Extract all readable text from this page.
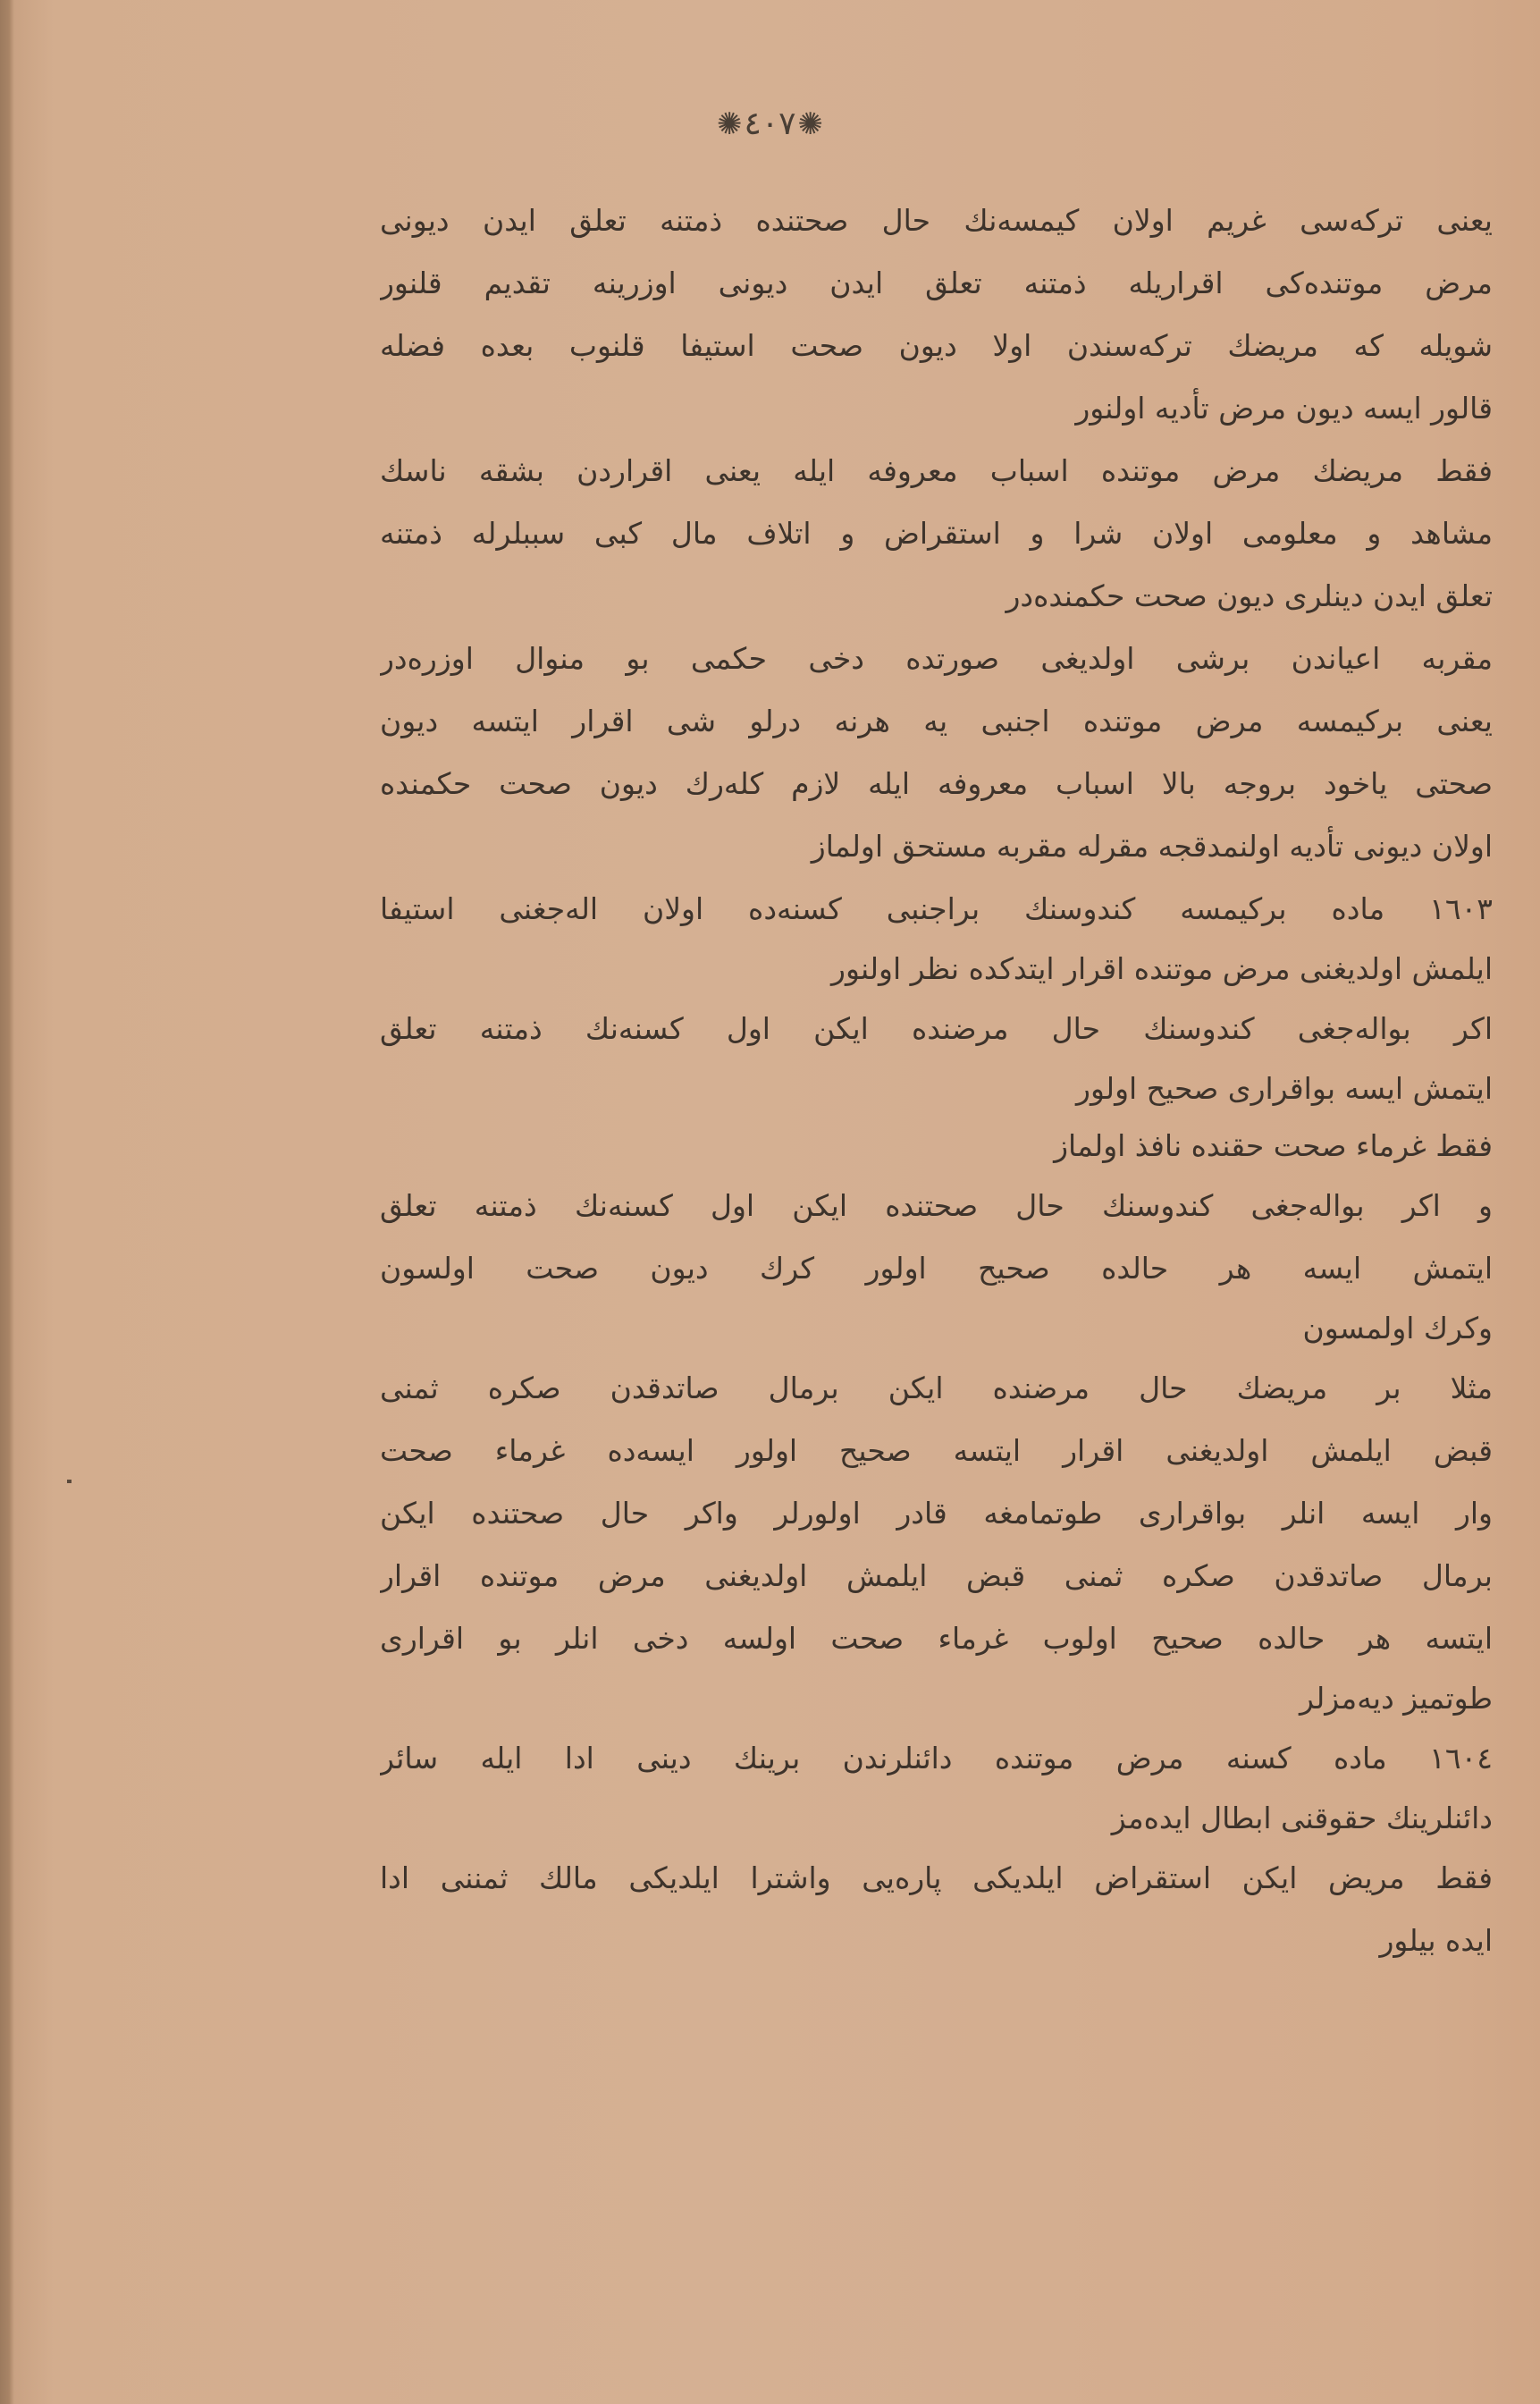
✺٤٠٧✺
يعنى تركه‌سى غريم اولان كيمسه‌نك حال صحتنده ذمتنه تعلق ايدن ديونى
مرض موتنده‌كى اقراريله ذمتنه تعلق ايدن ديونى اوزرينه تقديم قلنور
شويله كه مريضك تركه‌سندن اولا ديون صحت استيفا قلنوب بعده فضله
قالور ايسه ديون مرض تأديه اولنور
فقط مريضك مرض موتنده اسباب معروفه ايله يعنى اقراردن بشقه ناسك
مشاهد و معلومى اولان شرا و استقراض و اتلاف مال كبى سببلرله ذمتنه
تعلق ايدن دينلرى ديون صحت حكمنده‌در
مقربه اعياندن برشى اولديغى صورتده دخى حكمى بو منوال اوزره‌در
يعنى بركيمسه مرض موتنده اجنبى يه هرنه درلو شى اقرار ايتسه ديون
صحتى ياخود بروجه بالا اسباب معروفه ايله لازم كلەرك ديون صحت حكمنده
اولان ديونى تأديه اولنمدقجه مقرله مقربه مستحق اولماز
١٦٠٣ ماده بركيمسه كندوسنك براجنبى كسنه‌ده اولان الەجغنى استيفا
ايلمش اولديغنى مرض موتنده اقرار ايتدكده نظر اولنور
اكر بوالەجغى كندوسنك حال مرضنده ايكن اول كسنه‌نك ذمتنه تعلق
ايتمش ايسه بواقرارى صحيح اولور
فقط غرماء صحت حقنده نافذ اولماز
و اكر بوالەجغى كندوسنك حال صحتنده ايكن اول كسنه‌نك ذمتنه تعلق
ايتمش ايسه هر حالده صحيح اولور كرك ديون صحت اولسون
وكرك اولمسون
مثلا بر مريضك حال مرضنده ايكن برمال صاتدقدن صكره ثمنى
قبض ايلمش اولديغنى اقرار ايتسه صحيح اولور ايسه‌ده غرماء صحت
وار ايسه انلر بواقرارى طوتمامغه قادر اولورلر واكر حال صحتنده ايكن
برمال صاتدقدن صكره ثمنى قبض ايلمش اولديغنى مرض موتنده اقرار
ايتسه هر حالده صحيح اولوب غرماء صحت اولسه دخى انلر بو اقرارى
طوتميز ديه‌مزلر
١٦٠٤ ماده كسنه مرض موتنده دائنلرندن برينك دينى ادا ايله سائر
دائنلرينك حقوقنى ابطال ايده‌مز
فقط مريض ايكن استقراض ايلديكى پاره‌يى واشترا ايلديكى مالك ثمننى ادا
ايده بيلور
